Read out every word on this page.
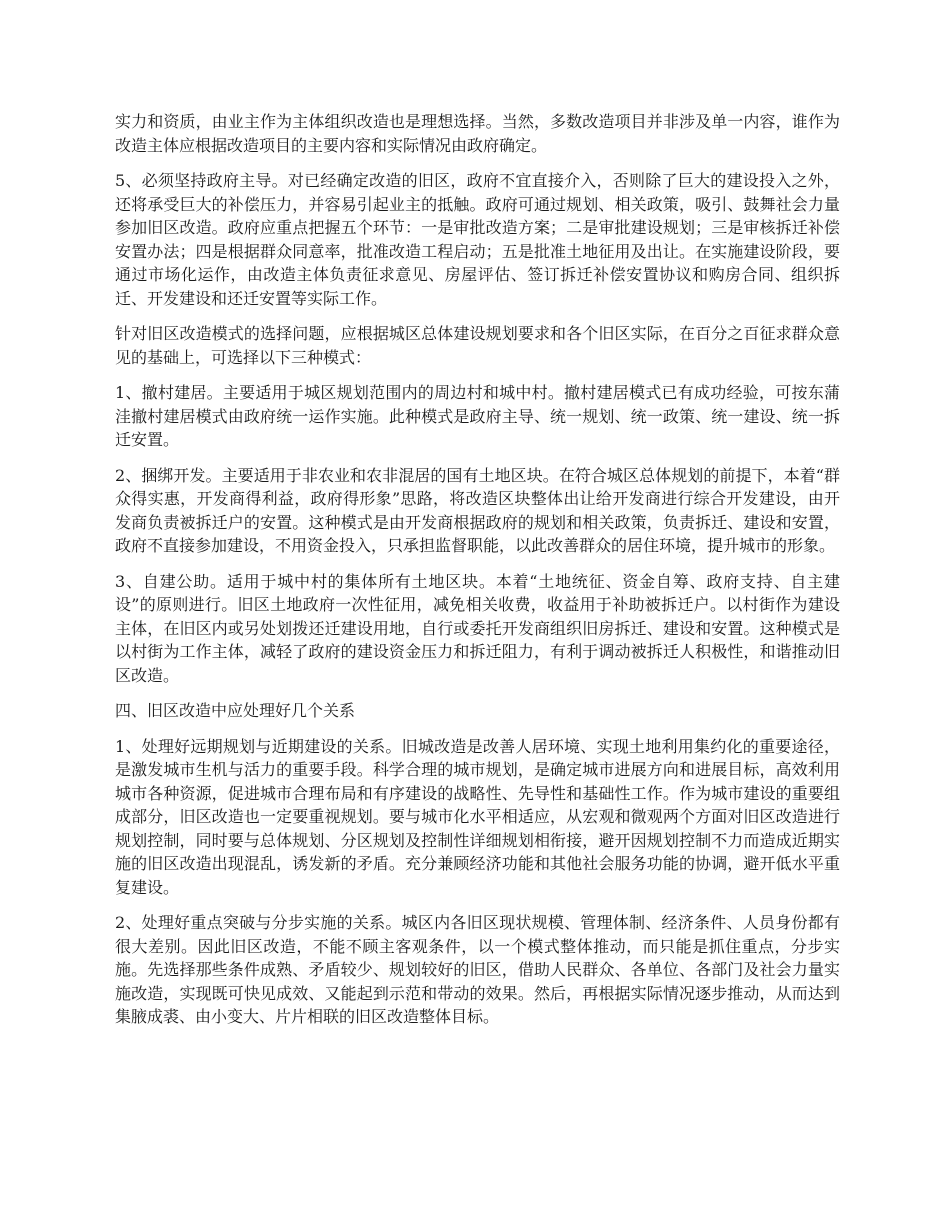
实力和资质，由业主作为主体组织改造也是理想选择。当然，多数改造项目并非涉及单一内容，谁作为改造主体应根据改造项目的主要内容和实际情况由政府确定。

5、必须坚持政府主导。对已经确定改造的旧区，政府不宜直接介入，否则除了巨大的建设投入之外，还将承受巨大的补偿压力，并容易引起业主的抵触。政府可通过规划、相关政策，吸引、鼓舞社会力量参加旧区改造。政府应重点把握五个环节：一是审批改造方案；二是审批建设规划；三是审核拆迁补偿安置办法；四是根据群众同意率，批准改造工程启动；五是批准土地征用及出让。在实施建设阶段，要通过市场化运作，由改造主体负责征求意见、房屋评估、签订拆迁补偿安置协议和购房合同、组织拆迁、开发建设和还迁安置等实际工作。

针对旧区改造模式的选择问题，应根据城区总体建设规划要求和各个旧区实际，在百分之百征求群众意见的基础上，可选择以下三种模式：

1、撤村建居。主要适用于城区规划范围内的周边村和城中村。撤村建居模式已有成功经验，可按东蒲洼撤村建居模式由政府统一运作实施。此种模式是政府主导、统一规划、统一政策、统一建设、统一拆迁安置。

2、捆绑开发。主要适用于非农业和农非混居的国有土地区块。在符合城区总体规划的前提下，本着“群众得实惠，开发商得利益，政府得形象”思路，将改造区块整体出让给开发商进行综合开发建设，由开发商负责被拆迁户的安置。这种模式是由开发商根据政府的规划和相关政策，负责拆迁、建设和安置，政府不直接参加建设，不用资金投入，只承担监督职能，以此改善群众的居住环境，提升城市的形象。

3、自建公助。适用于城中村的集体所有土地区块。本着“土地统征、资金自筹、政府支持、自主建设”的原则进行。旧区土地政府一次性征用，减免相关收费，收益用于补助被拆迁户。以村街作为建设主体，在旧区内或另处划拨还迁建设用地，自行或委托开发商组织旧房拆迁、建设和安置。这种模式是以村街为工作主体，减轻了政府的建设资金压力和拆迁阻力，有利于调动被拆迁人积极性，和谐推动旧区改造。

四、旧区改造中应处理好几个关系

1、处理好远期规划与近期建设的关系。旧城改造是改善人居环境、实现土地利用集约化的重要途径，是激发城市生机与活力的重要手段。科学合理的城市规划，是确定城市进展方向和进展目标，高效利用城市各种资源，促进城市合理布局和有序建设的战略性、先导性和基础性工作。作为城市建设的重要组成部分，旧区改造也一定要重视规划。要与城市化水平相适应，从宏观和微观两个方面对旧区改造进行规划控制，同时要与总体规划、分区规划及控制性详细规划相衔接，避开因规划控制不力而造成近期实施的旧区改造出现混乱，诱发新的矛盾。充分兼顾经济功能和其他社会服务功能的协调，避开低水平重复建设。

2、处理好重点突破与分步实施的关系。城区内各旧区现状规模、管理体制、经济条件、人员身份都有很大差别。因此旧区改造，不能不顾主客观条件，以一个模式整体推动，而只能是抓住重点，分步实施。先选择那些条件成熟、矛盾较少、规划较好的旧区，借助人民群众、各单位、各部门及社会力量实施改造，实现既可快见成效、又能起到示范和带动的效果。然后，再根据实际情况逐步推动，从而达到集腋成裘、由小变大、片片相联的旧区改造整体目标。
